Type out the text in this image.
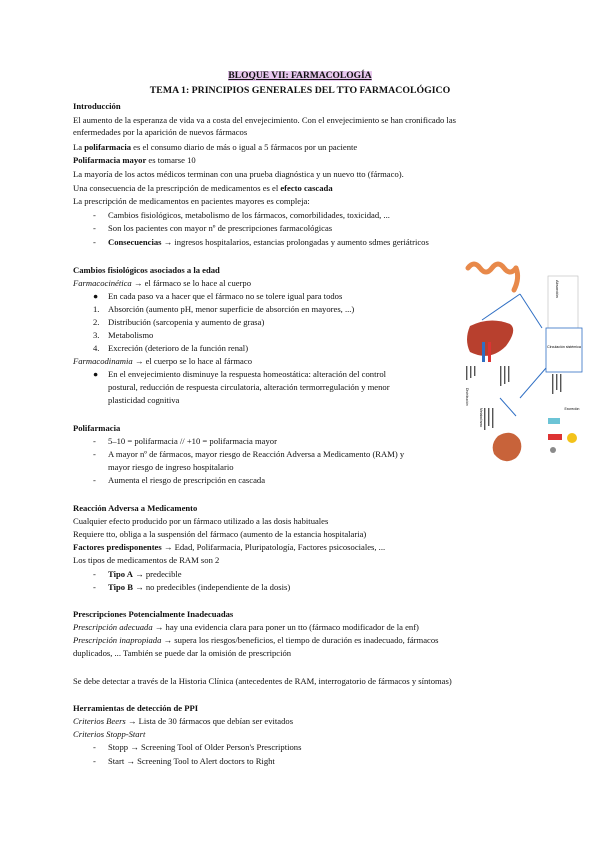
BLOQUE VII: FARMACOLOGÍA
TEMA 1: PRINCIPIOS GENERALES DEL TTO FARMACOLÓGICO
Introducción
El aumento de la esperanza de vida va a costa del envejecimiento. Con el envejecimiento se han cronificado las
enfermedades por la aparición de nuevos fármacos
La polifarmacia es el consumo diario de más o igual a 5 fármacos por un paciente
Polifarmacia mayor es tomarse 10
La mayoría de los actos médicos terminan con una prueba diagnóstica y un nuevo tto (fármaco).
Una consecuencia de la prescripción de medicamentos es el efecto cascada
La prescripción de medicamentos en pacientes mayores es compleja:
- Cambios fisiológicos, metabolismo de los fármacos, comorbilidades, toxicidad, ...
- Son los pacientes con mayor nº de prescripciones farmacológicas
- Consecuencias → ingresos hospitalarios, estancias prolongadas y aumento sdmes geriátricos
Cambios fisiológicos asociados a la edad
Farmacocinética → el fármaco se lo hace al cuerpo
● En cada paso va a hacer que el fármaco no se tolere igual para todos
1. Absorción (aumento pH, menor superficie de absorción en mayores, ...)
2. Distribución (sarcopenia y aumento de grasa)
3. Metabolismo
4. Excreción (deterioro de la función renal)
Farmacodinamia → el cuerpo se lo hace al fármaco
● En el envejecimiento disminuye la respuesta homeostática: alteración del control
postural, reducción de respuesta circulatoria, alteración termorregulación y menor
plasticidad cognitiva
Polifarmacia
- 5–10 = polifarmacia // +10 = polifarmacia mayor
- A mayor nº de fármacos, mayor riesgo de Reacción Adversa a Medicamento (RAM) y
mayor riesgo de ingreso hospitalario
- Aumenta el riesgo de prescripción en cascada
Reacción Adversa a Medicamento
Cualquier efecto producido por un fármaco utilizado a las dosis habituales
Requiere tto, obliga a la suspensión del fármaco (aumento de la estancia hospitalaria)
Factores predisponentes → Edad, Polifarmacia, Pluripatología, Factores psicosociales, ...
Los tipos de medicamentos de RAM son 2
- Tipo A → predecible
- Tipo B → no predecibles (independiente de la dosis)
Prescripciones Potencialmente Inadecuadas
Prescripción adecuada → hay una evidencia clara para poner un tto (fármaco modificador de la enf)
Prescripción inapropiada → supera los riesgos/beneficios, el tiempo de duración es inadecuado, fármacos
duplicados, ... También se puede dar la omisión de prescripción
Se debe detectar a través de la Historia Clínica (antecedentes de RAM, interrogatorio de fármacos y síntomas)
Herramientas de detección de PPI
Criterios Beers → Lista de 30 fármacos que debían ser evitados
Criterios Stopp-Start
- Stopp → Screening Tool of Older Person's Prescriptions
- Start → Screening Tool to Alert doctors to Right
Absorción
Circulación sistémica
Distribución
Metabolismo	Excreción
